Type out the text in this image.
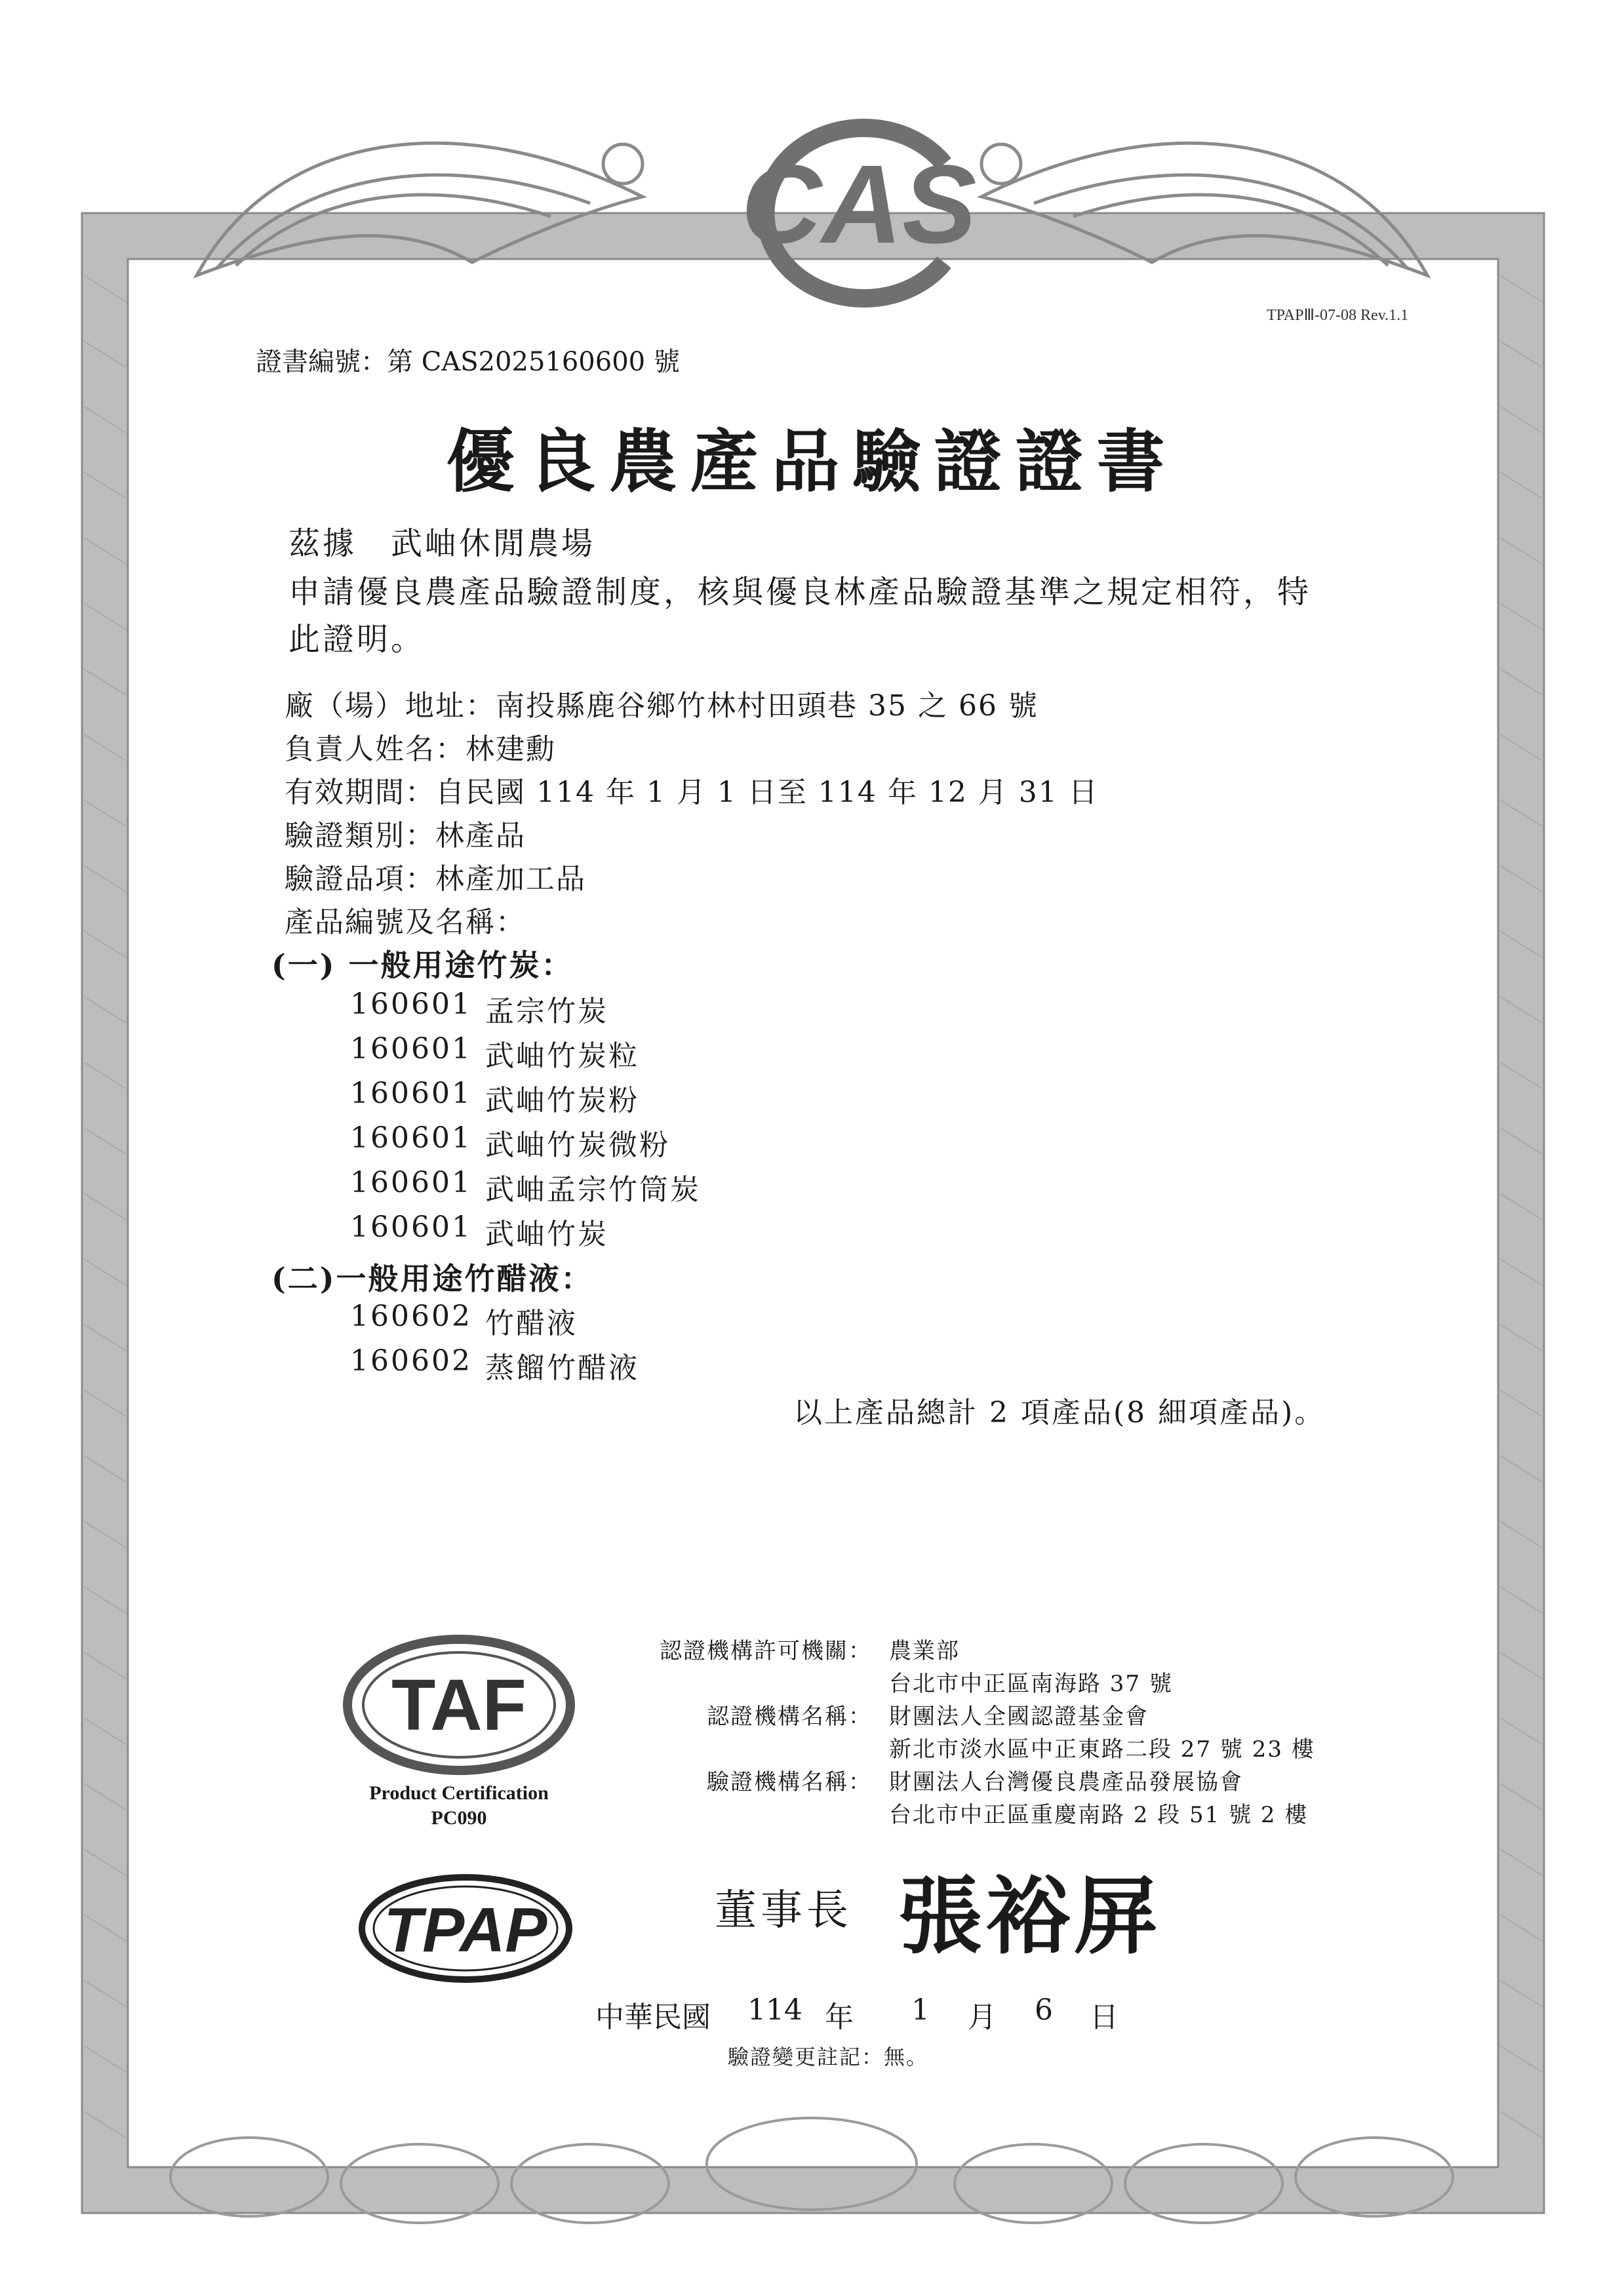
CAS
TPAPⅢ-07-08 Rev.1.1
證書編號：第 CAS2025160600 號
優良農產品驗證證書
茲據　武岫休閒農場
申請優良農產品驗證制度，核與優良林產品驗證基準之規定相符，特
此證明。
廠（場）地址：南投縣鹿谷鄉竹林村田頭巷 35 之 66 號
負責人姓名：林建勳
有效期間：自民國 114 年 1 月 1 日至 114 年 12 月 31 日
驗證類別：林產品
驗證品項：林產加工品
產品編號及名稱：
(一) 一般用途竹炭：
160601 孟宗竹炭
160601 武岫竹炭粒
160601 武岫竹炭粉
160601 武岫竹炭微粉
160601 武岫孟宗竹筒炭
160601 武岫竹炭
(二)一般用途竹醋液：
160602 竹醋液
160602 蒸餾竹醋液
以上產品總計 2 項產品(8 細項產品)。
TAF
Product Certification
PC090
TPAP
認證機構許可機關： 農業部
台北市中正區南海路 37 號
認證機構名稱： 財團法人全國認證基金會
新北市淡水區中正東路二段 27 號 23 樓
驗證機構名稱： 財團法人台灣優良農產品發展協會
台北市中正區重慶南路 2 段 51 號 2 樓
董事長 張裕屏
中華民國 114 年 1 月 6 日
驗證變更註記：無。
